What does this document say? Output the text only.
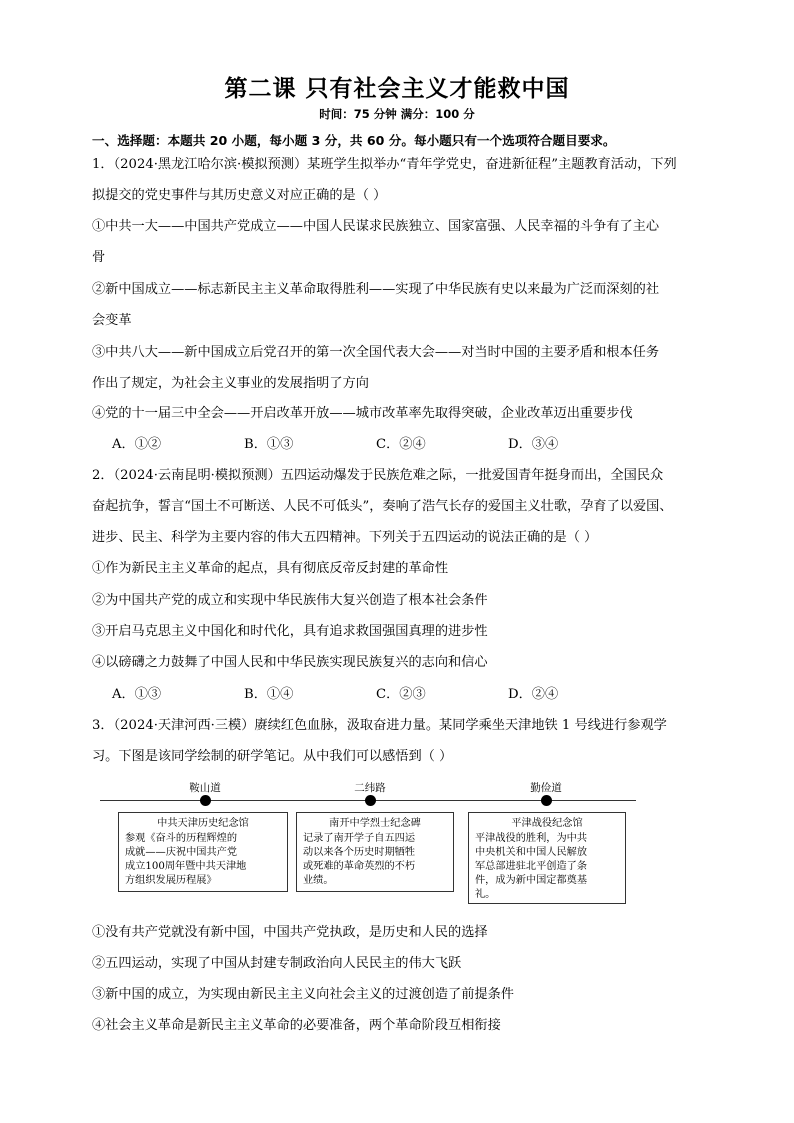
第二课 只有社会主义才能救中国
时间：75 分钟 满分：100 分
一、选择题：本题共 20 小题，每小题 3 分，共 60 分。每小题只有一个选项符合题目要求。
1．（2024·黑龙江哈尔滨·模拟预测）某班学生拟举办“青年学党史，奋进新征程”主题教育活动，下列
拟提交的党史事件与其历史意义对应正确的是（ ）
①中共一大——中国共产党成立——中国人民谋求民族独立、国家富强、人民幸福的斗争有了主心
骨
②新中国成立——标志新民主主义革命取得胜利——实现了中华民族有史以来最为广泛而深刻的社
会变革
③中共八大——新中国成立后党召开的第一次全国代表大会——对当时中国的主要矛盾和根本任务
作出了规定，为社会主义事业的发展指明了方向
④党的十一届三中全会——开启改革开放——城市改革率先取得突破，企业改革迈出重要步伐
A．①②	B．①③	C．②④	D．③④
2．（2024·云南昆明·模拟预测）五四运动爆发于民族危难之际，一批爱国青年挺身而出，全国民众
奋起抗争，誓言“国土不可断送、人民不可低头”，奏响了浩气长存的爱国主义壮歌，孕育了以爱国、
进步、民主、科学为主要内容的伟大五四精神。下列关于五四运动的说法正确的是（ ）
①作为新民主主义革命的起点，具有彻底反帝反封建的革命性
②为中国共产党的成立和实现中华民族伟大复兴创造了根本社会条件
③开启马克思主义中国化和时代化，具有追求救国强国真理的进步性
④以磅礴之力鼓舞了中国人民和中华民族实现民族复兴的志向和信心
A．①③	B．①④	C．②③	D．②④
3．（2024·天津河西·三模）赓续红色血脉，汲取奋进力量。某同学乘坐天津地铁 1 号线进行参观学
习。下图是该同学绘制的研学笔记。从中我们可以感悟到（ ）
鞍山道	二纬路	勤俭道
中共天津历史纪念馆
参观《奋斗的历程辉煌的
成就——庆祝中国共产党
成立100周年暨中共天津地
方组织发展历程展》
南开中学烈士纪念碑
记录了南开学子自五四运
动以来各个历史时期牺牲
或死难的革命英烈的不朽
业绩。
平津战役纪念馆
平津战役的胜利，为中共
中央机关和中国人民解放
军总部进驻北平创造了条
件，成为新中国定都奠基
礼。
①没有共产党就没有新中国，中国共产党执政，是历史和人民的选择
②五四运动，实现了中国从封建专制政治向人民民主的伟大飞跃
③新中国的成立，为实现由新民主主义向社会主义的过渡创造了前提条件
④社会主义革命是新民主主义革命的必要准备，两个革命阶段互相衔接
